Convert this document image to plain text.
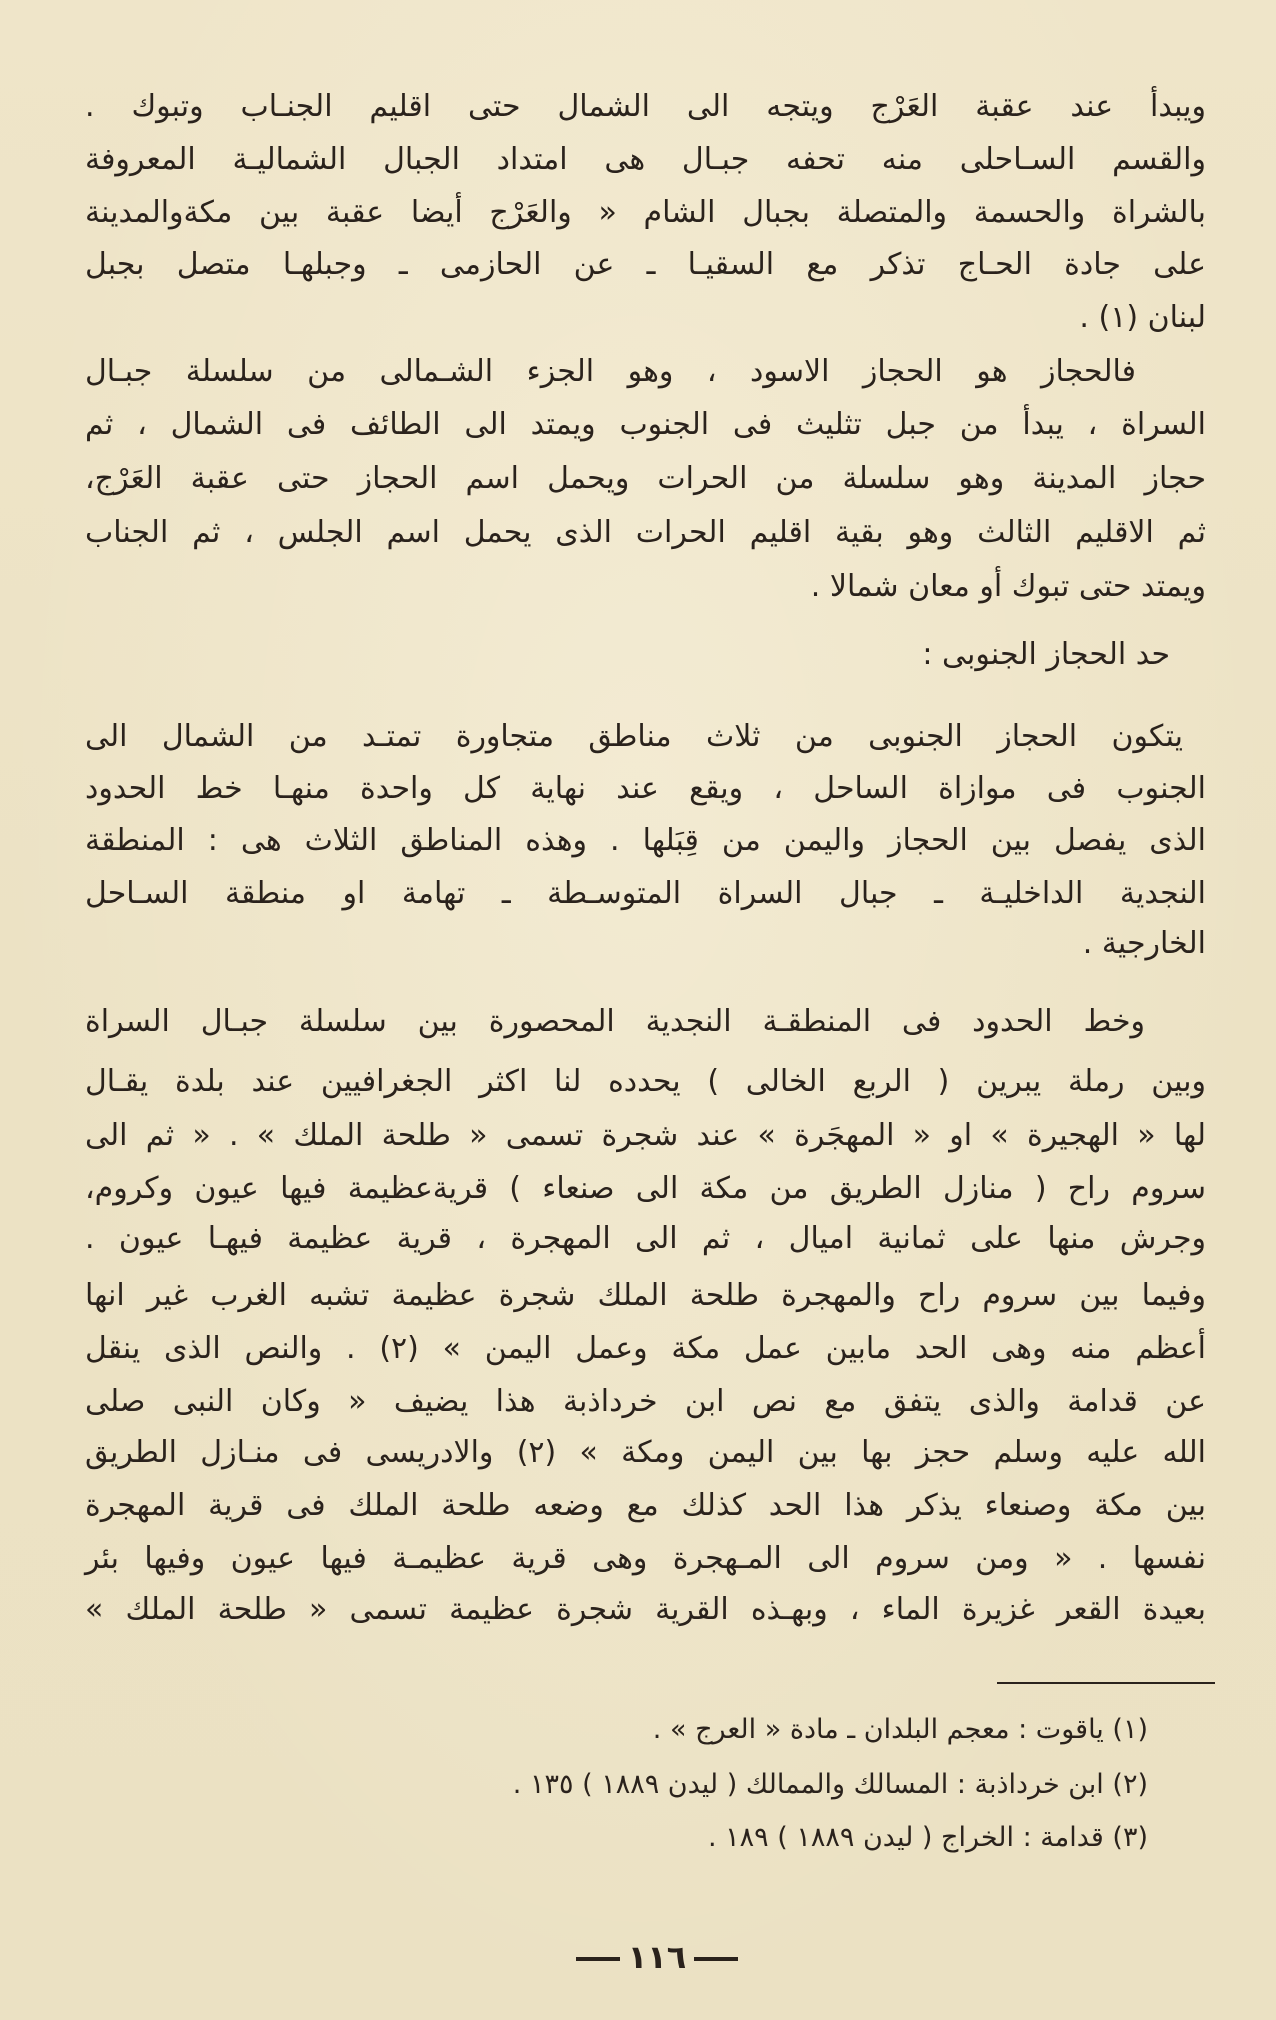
ويبدأ عند عقبة العَرْج ويتجه الى الشمال حتى اقليم الجنـاب وتبوك .
والقسم السـاحلى منه تحفه جبـال هى امتداد الجبال الشماليـة المعروفة
بالشراة والحسمة والمتصلة بجبال الشام « والعَرْج أيضا عقبة بين مكةوالمدينة
على جادة الحـاج تذكر مع السقيـا ـ عن الحازمى ـ وجبلهـا متصل بجبل
لبنان (١) .
فالحجاز هو الحجاز الاسود ، وهو الجزء الشـمالى من سلسلة جبـال
السراة ، يبدأ من جبل تثليث فى الجنوب ويمتد الى الطائف فى الشمال ، ثم
حجاز المدينة وهو سلسلة من الحرات ويحمل اسم الحجاز حتى عقبة العَرْج،
ثم الاقليم الثالث وهو بقية اقليم الحرات الذى يحمل اسم الجلس ، ثم الجناب
ويمتد حتى تبوك أو معان شمالا .
حد الحجاز الجنوبى :
يتكون الحجاز الجنوبى من ثلاث مناطق متجاورة تمتـد من الشمال الى
الجنوب فى موازاة الساحل ، ويقع عند نهاية كل واحدة منهـا خط الحدود
الذى يفصل بين الحجاز واليمن من قِبَلها . وهذه المناطق الثلاث هى : المنطقة
النجدية الداخليـة ـ جبال السراة المتوسـطة ـ تهامة او منطقة السـاحل
الخارجية .
وخط الحدود فى المنطقـة النجدية المحصورة بين سلسلة جبـال السراة
وبين رملة يبرين ( الربع الخالى ) يحدده لنا اكثر الجغرافيين عند بلدة يقـال
لها « الهجيرة » او « المهجَرة » عند شجرة تسمى « طلحة الملك » . « ثم الى
سروم راح ( منازل الطريق من مكة الى صنعاء ) قريةعظيمة فيها عيون وكروم،
وجرش منها على ثمانية اميال ، ثم الى المهجرة ، قرية عظيمة فيهـا عيون .
وفيما بين سروم راح والمهجرة طلحة الملك شجرة عظيمة تشبه الغرب غير انها
أعظم منه وهى الحد مابين عمل مكة وعمل اليمن » (٢) . والنص الذى ينقل
عن قدامة والذى يتفق مع نص ابن خرداذبة هذا يضيف « وكان النبى صلى
الله عليه وسلم حجز بها بين اليمن ومكة » (٢) والادريسى فى منـازل الطريق
بين مكة وصنعاء يذكر هذا الحد كذلك مع وضعه طلحة الملك فى قرية المهجرة
نفسها . « ومن سروم الى المـهجرة وهى قرية عظيمـة فيها عيون وفيها بئر
بعيدة القعر غزيرة الماء ، وبهـذه القرية شجرة عظيمة تسمى « طلحة الملك »
(١) ياقوت : معجم البلدان ـ مادة « العرج » .
(٢) ابن خرداذبة : المسالك والممالك ( ليدن ١٨٨٩ ) ١٣٥ .
(٣) قدامة : الخراج ( ليدن ١٨٨٩ ) ١٨٩ .
١١٦
